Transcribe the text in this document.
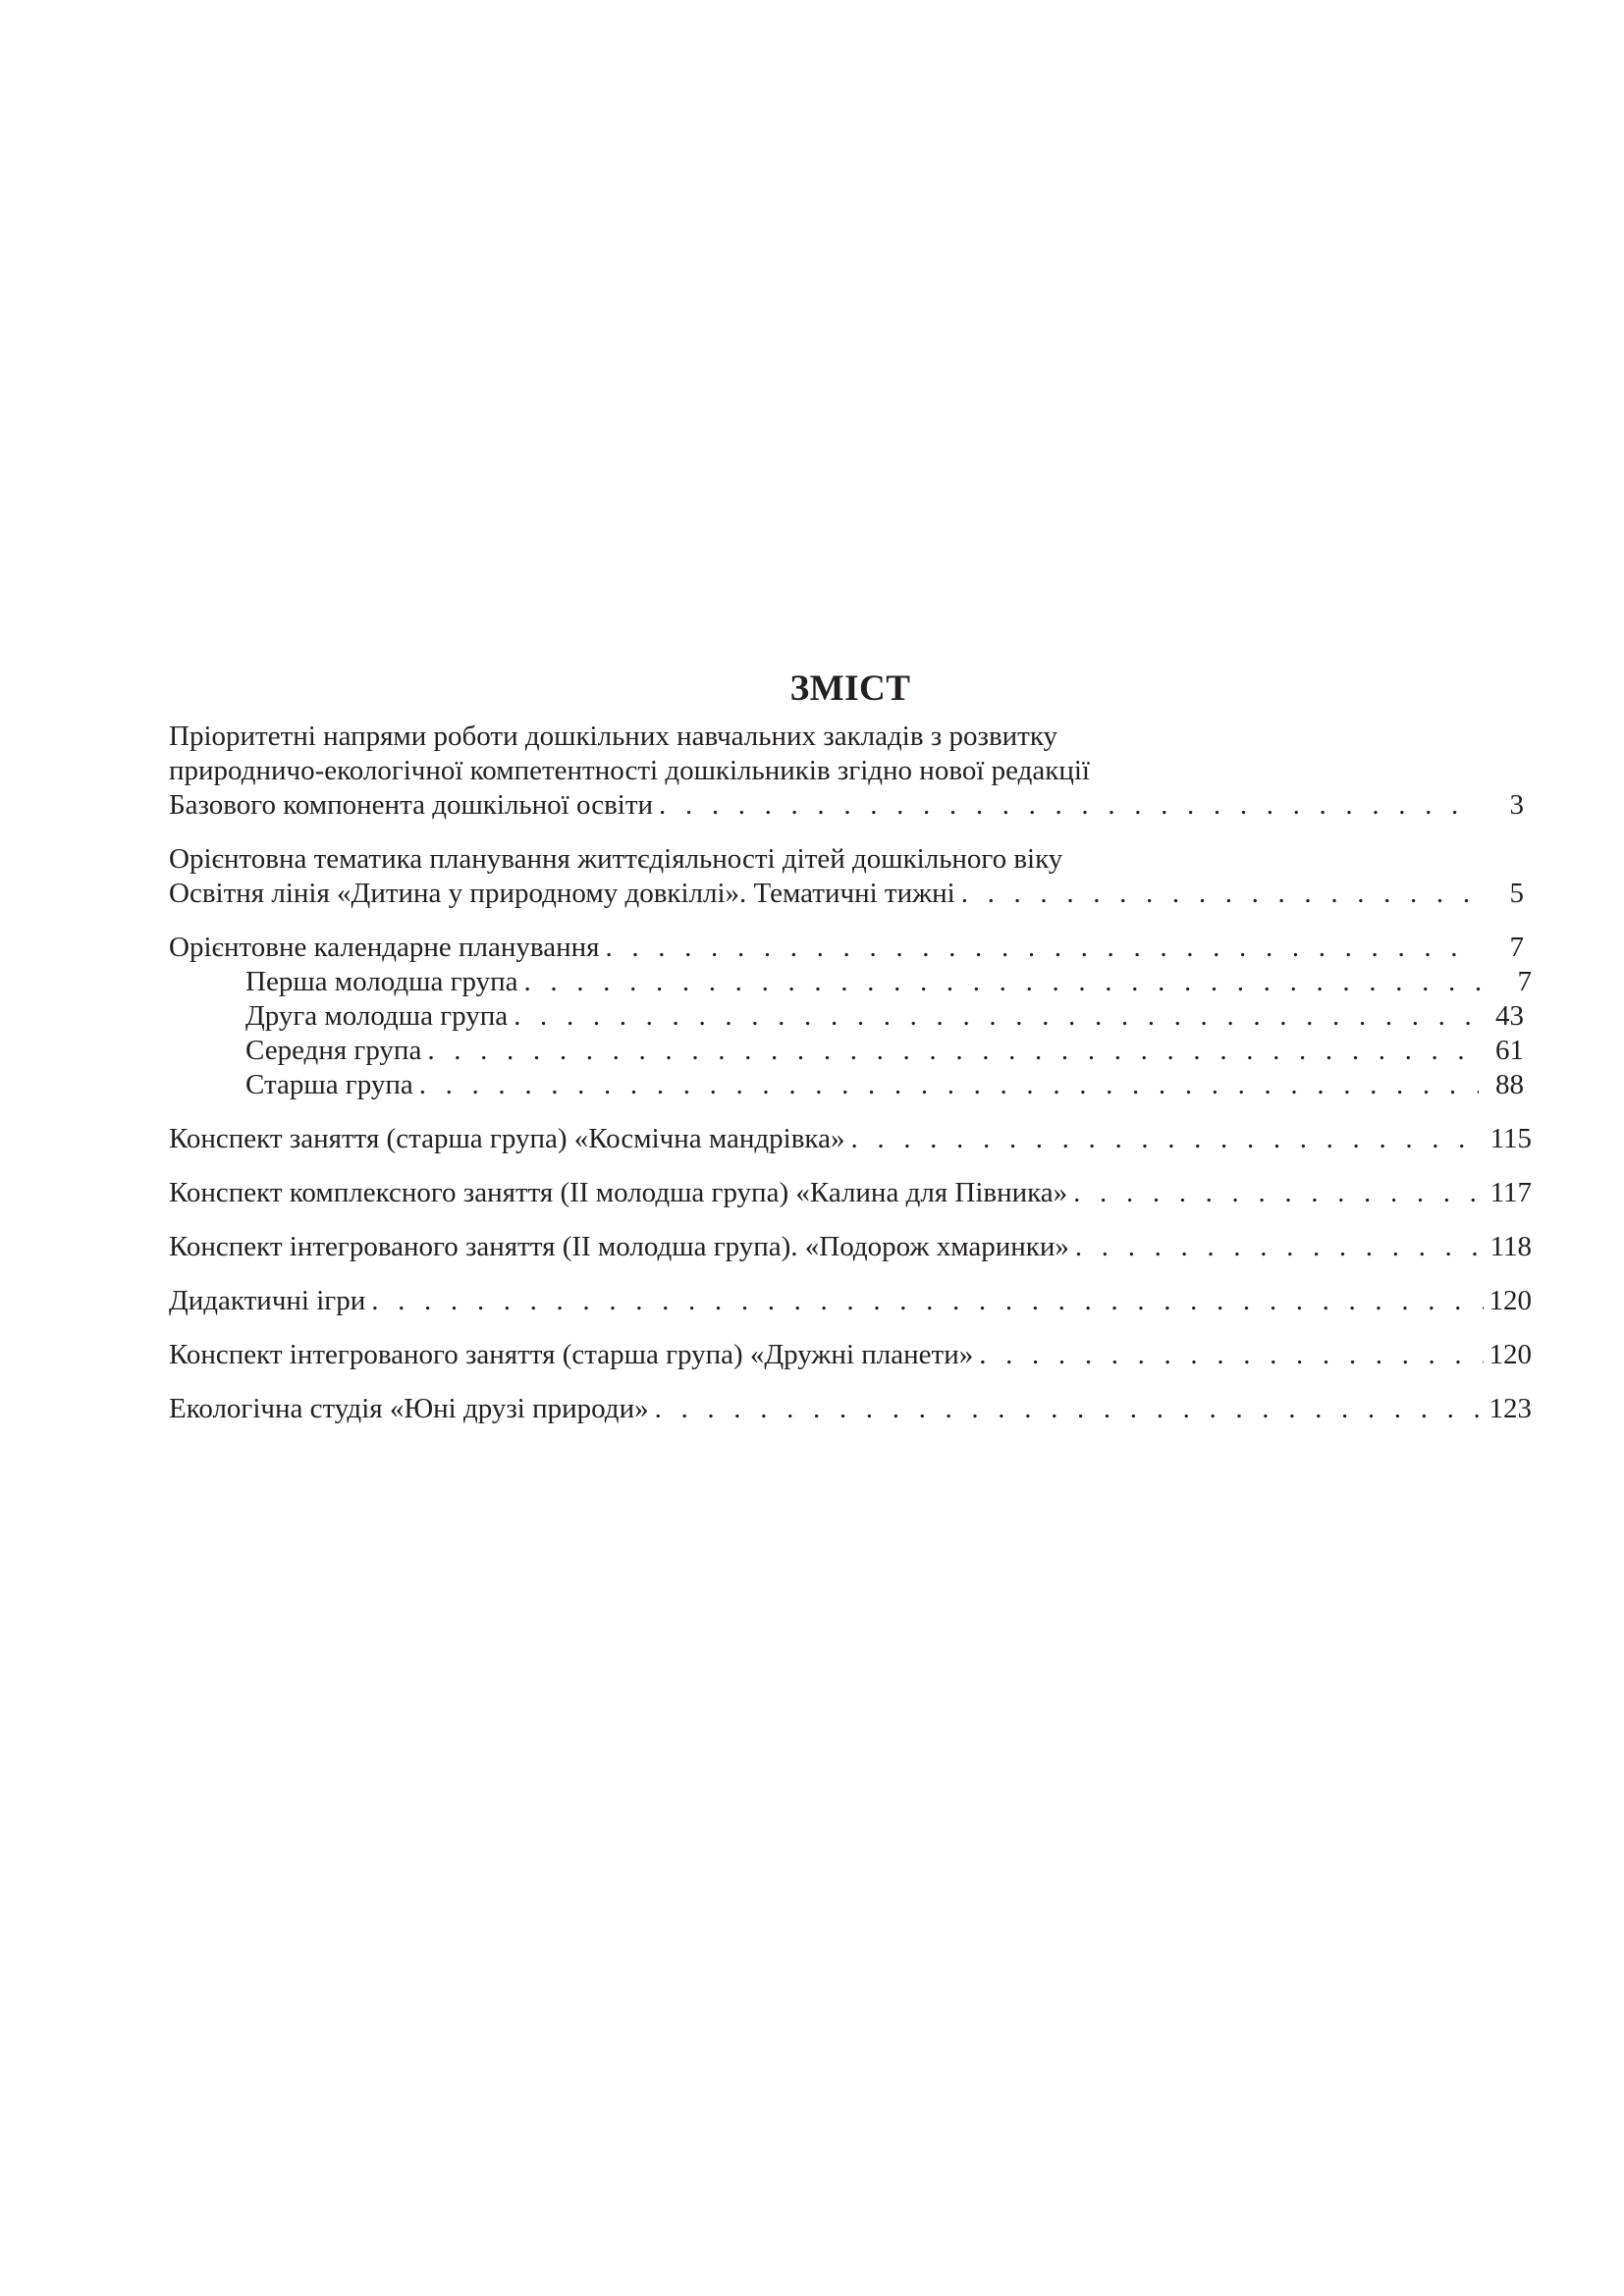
ЗМІСТ
Пріоритетні напрями роботи дошкільних навчальних закладів з розвитку
природничо-екологічної компетентності дошкільників згідно нової редакції
Базового компонента дошкільної освіти . . .	3
Орієнтовна тематика планування життєдіяльності дітей дошкільного віку
Освітня лінія «Дитина у природному довкіллі». Тематичні тижні . . .	5
Орієнтовне календарне планування . . .	7
Перша молодша група . . .	7
Друга молодша група . . .	43
Середня група . . .	61
Старша група . . .	88
Конспект заняття (старша група) «Космічна мандрівка» . . .	115
Конспект комплексного заняття (ІІ молодша група) «Калина для Півника» . . .	117
Конспект інтегрованого заняття (ІІ молодша група). «Подорож хмаринки» . . .	118
Дидактичні ігри . . .	120
Конспект інтегрованого заняття (старша група) «Дружні планети» . . .	120
Екологічна студія «Юні друзі природи» . . .	123
